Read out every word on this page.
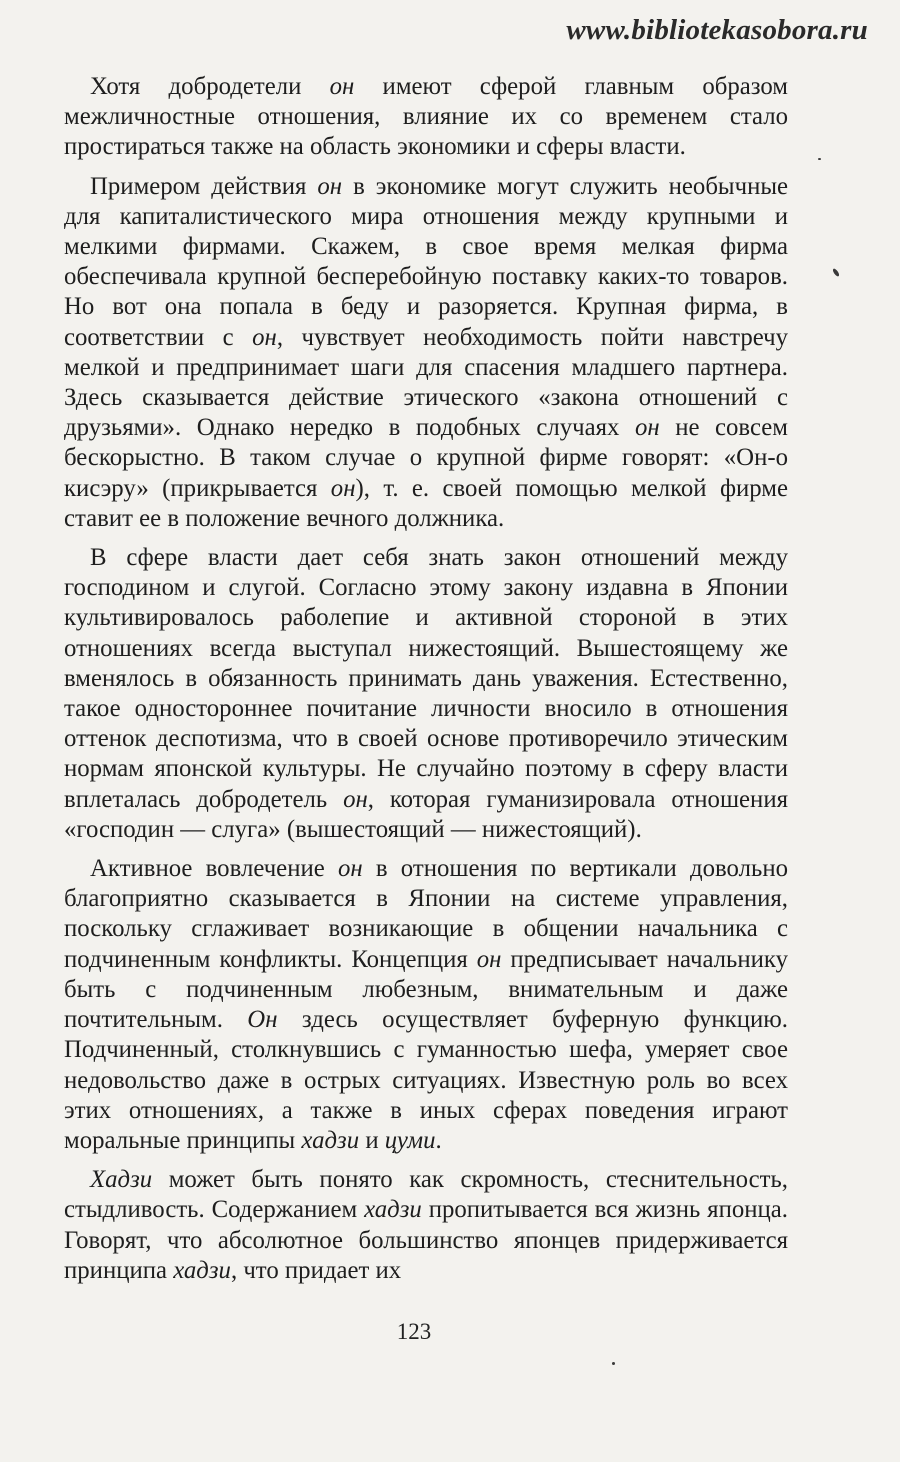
www.bibliotekasobora.ru

Хотя добродетели он имеют сферой главным образом межличностные отношения, влияние их со временем стало простираться также на область экономики и сферы власти.

Примером действия он в экономике могут служить необычные для капиталистического мира отношения между крупными и мелкими фирмами. Скажем, в свое время мелкая фирма обеспечивала крупной бесперебойную поставку каких-то товаров. Но вот она попала в беду и разоряется. Крупная фирма, в соответствии с он, чувствует необходимость пойти навстречу мелкой и предпринимает шаги для спасения младшего партнера. Здесь сказывается действие этического «закона отношений с друзьями». Однако нередко в подобных случаях он не совсем бескорыстно. В таком случае о крупной фирме говорят: «Он-о кисэру» (прикрывается он), т. е. своей помощью мелкой фирме ставит ее в положение вечного должника.

В сфере власти дает себя знать закон отношений между господином и слугой. Согласно этому закону издавна в Японии культивировалось раболепие и активной стороной в этих отношениях всегда выступал нижестоящий. Вышестоящему же вменялось в обязанность принимать дань уважения. Естественно, такое одностороннее почитание личности вносило в отношения оттенок деспотизма, что в своей основе противоречило этическим нормам японской культуры. Не случайно поэтому в сферу власти вплеталась добродетель он, которая гуманизировала отношения «господин — слуга» (вышестоящий — нижестоящий).

Активное вовлечение он в отношения по вертикали довольно благоприятно сказывается в Японии на системе управления, поскольку сглаживает возникающие в общении начальника с подчиненным конфликты. Концепция он предписывает начальнику быть с подчиненным любезным, внимательным и даже почтительным. Он здесь осуществляет буферную функцию. Подчиненный, столкнувшись с гуманностью шефа, умеряет свое недовольство даже в острых ситуациях. Известную роль во всех этих отношениях, а также в иных сферах поведения играют моральные принципы хадзи и цуми.

Хадзи может быть понято как скромность, стеснительность, стыдливость. Содержанием хадзи пропитывается вся жизнь японца. Говорят, что абсолютное большинство японцев придерживается принципа хадзи, что придает их

123
